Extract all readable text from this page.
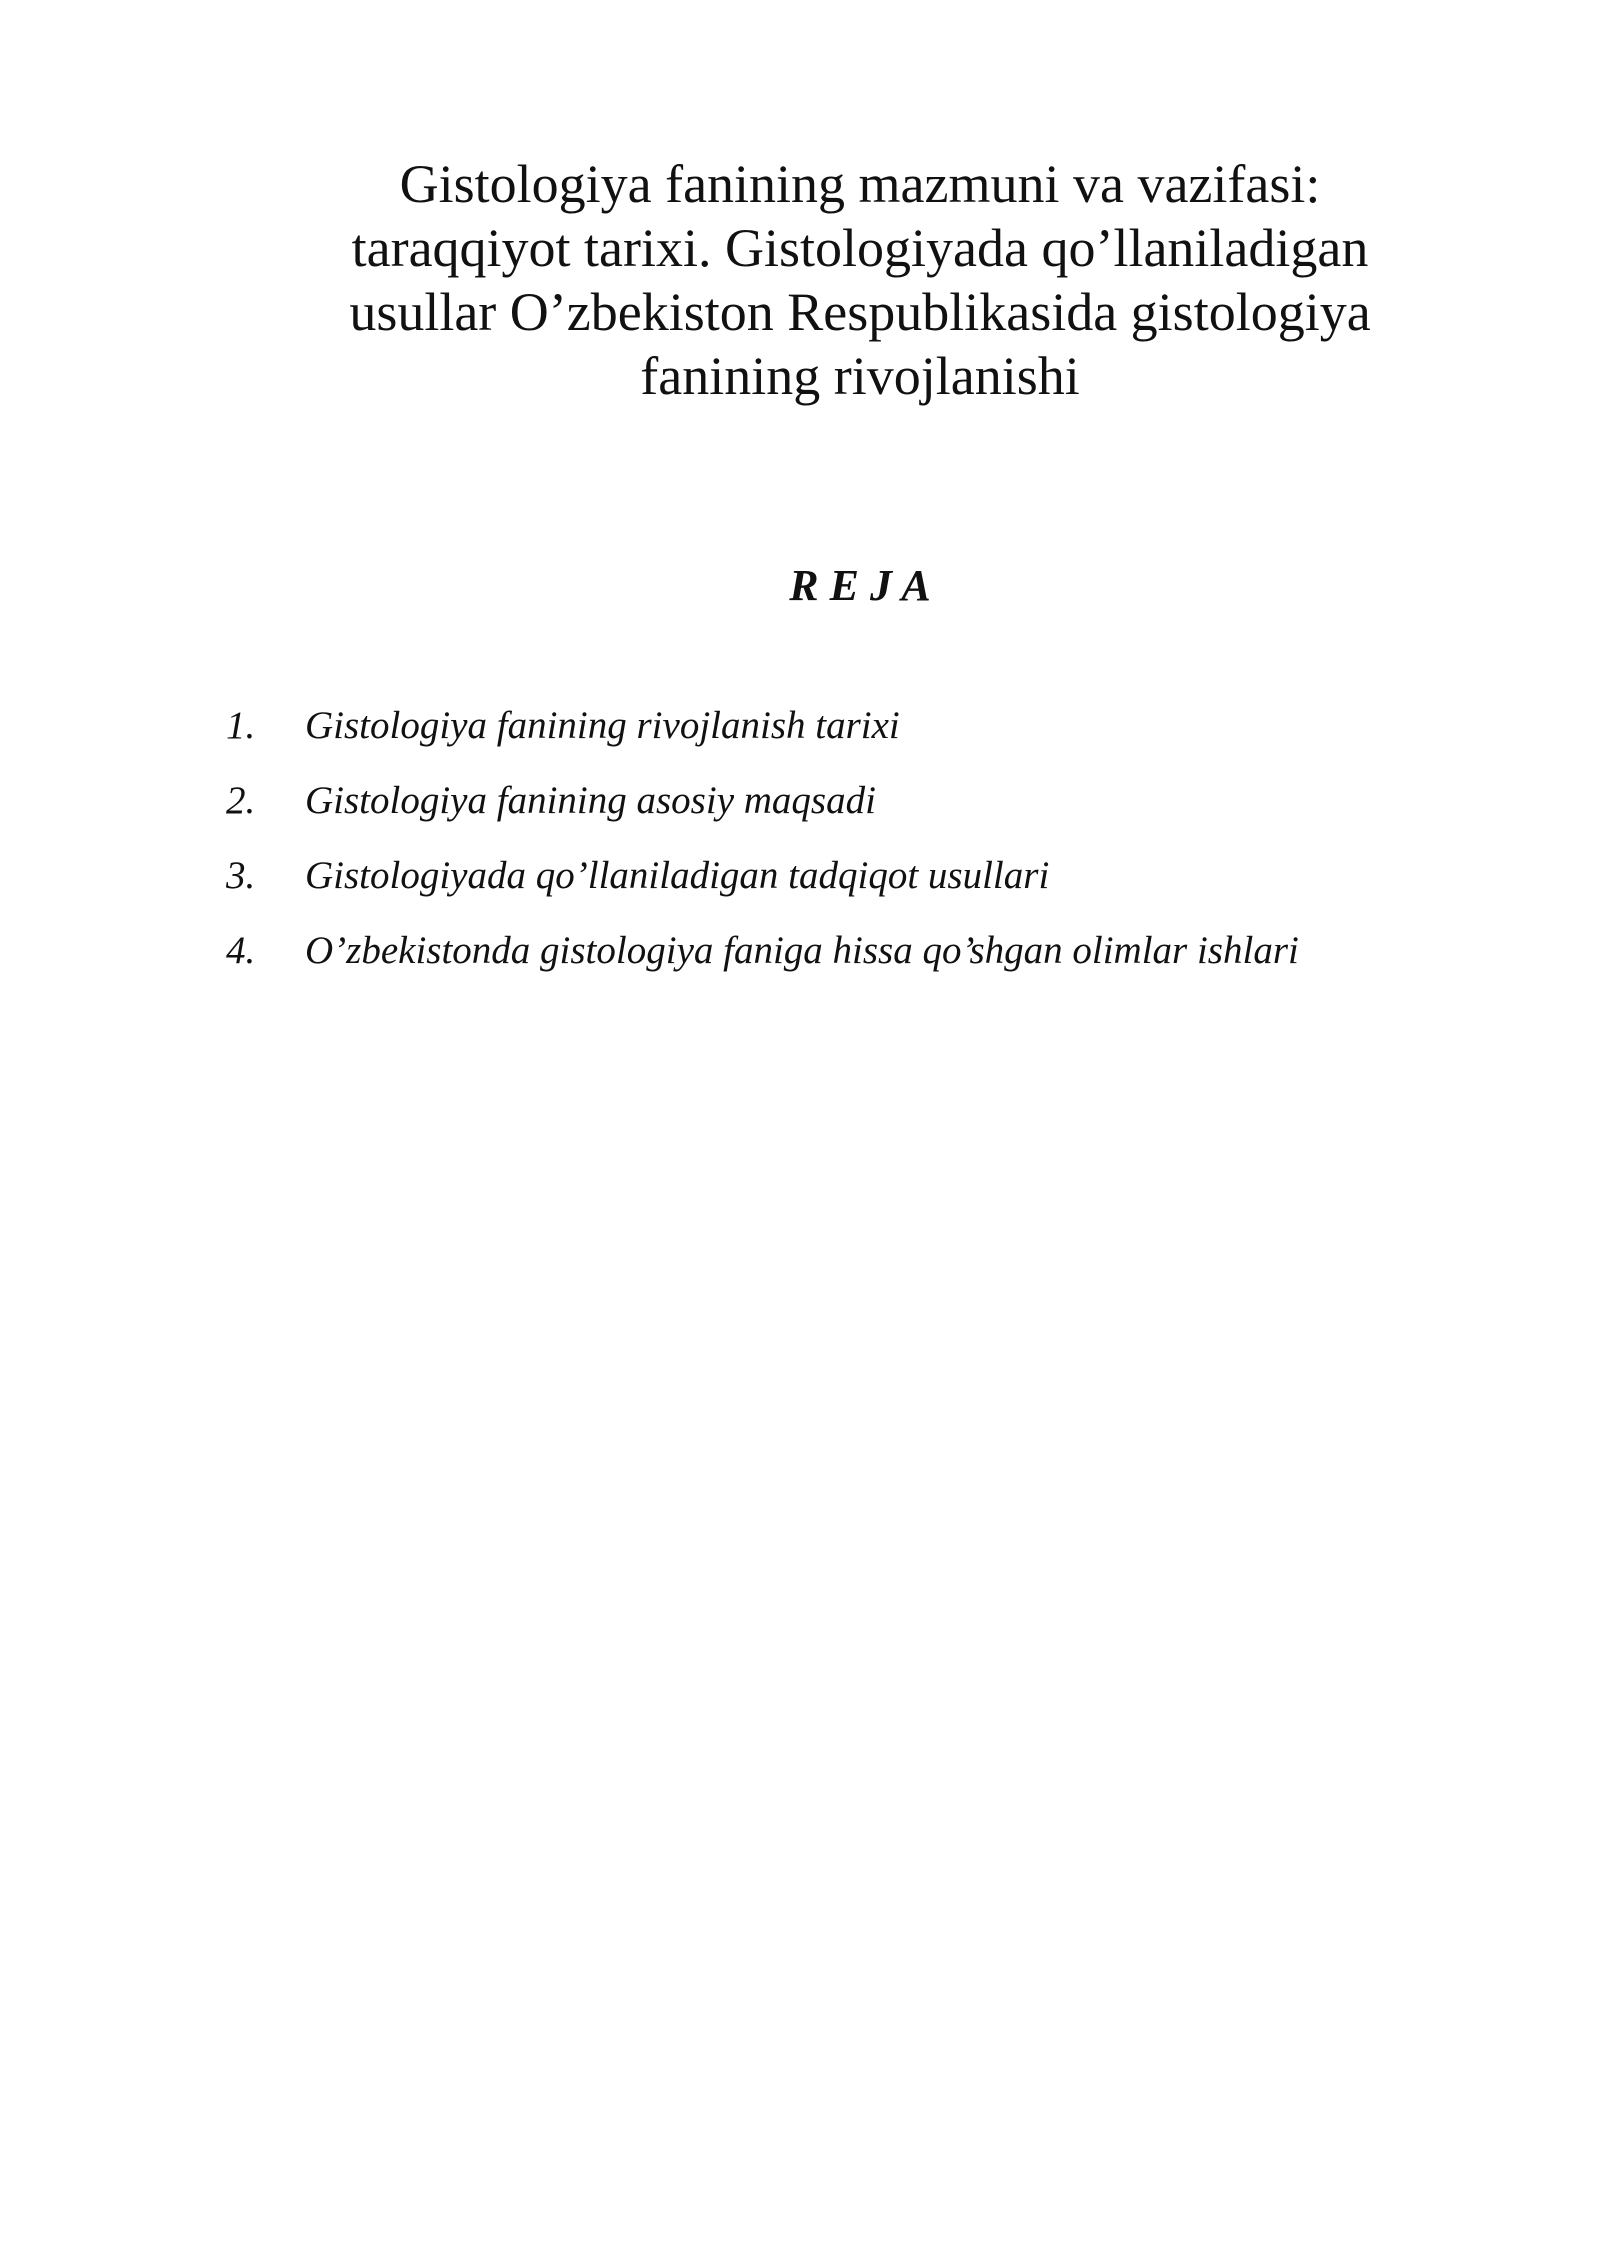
Gistologiya fanining mazmuni va vazifasi:
taraqqiyot tarixi. Gistologiyada qo’llaniladigan
usullar O’zbekiston Respublikasida gistologiya
fanining rivojlanishi
R E J A
1.	Gistologiya fanining rivojlanish tarixi
2.	Gistologiya fanining asosiy maqsadi
3.	Gistologiyada qo’llaniladigan tadqiqot usullari
4.	O’zbekistonda gistologiya faniga hissa qo’shgan olimlar ishlari
